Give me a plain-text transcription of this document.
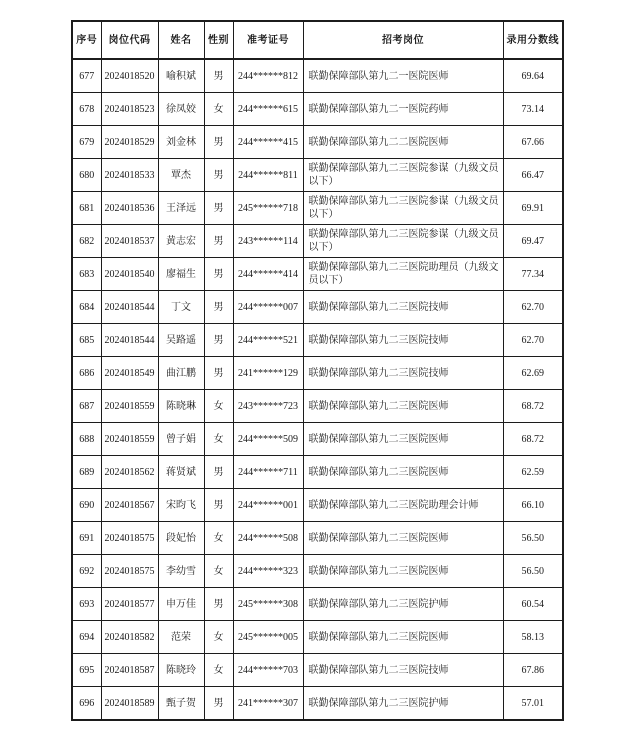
序号	岗位代码	姓名	性别	准考证号	招考岗位	录用分数线
677	2024018520	喻积斌	男	244******812	联勤保障部队第九二一医院医师	69.64
678	2024018523	徐凤姣	女	244******615	联勤保障部队第九二一医院药师	73.14
679	2024018529	刘金林	男	244******415	联勤保障部队第九二二医院医师	67.66
680	2024018533	覃杰	男	244******811	联勤保障部队第九二三医院参谋（九级文员以下）	66.47
681	2024018536	王泽远	男	245******718	联勤保障部队第九二三医院参谋（九级文员以下）	69.91
682	2024018537	黄志宏	男	243******114	联勤保障部队第九二三医院参谋（九级文员以下）	69.47
683	2024018540	廖福生	男	244******414	联勤保障部队第九二三医院助理员（九级文员以下）	77.34
684	2024018544	丁文	男	244******007	联勤保障部队第九二三医院技师	62.70
685	2024018544	吴路遥	男	244******521	联勤保障部队第九二三医院技师	62.70
686	2024018549	曲江鹏	男	241******129	联勤保障部队第九二三医院技师	62.69
687	2024018559	陈晓琳	女	243******723	联勤保障部队第九二三医院医师	68.72
688	2024018559	曾子娟	女	244******509	联勤保障部队第九二三医院医师	68.72
689	2024018562	蒋贤斌	男	244******711	联勤保障部队第九二三医院医师	62.59
690	2024018567	宋昀飞	男	244******001	联勤保障部队第九二三医院助理会计师	66.10
691	2024018575	段妃怡	女	244******508	联勤保障部队第九二三医院医师	56.50
692	2024018575	李幼雪	女	244******323	联勤保障部队第九二三医院医师	56.50
693	2024018577	申万佳	男	245******308	联勤保障部队第九二三医院护师	60.54
694	2024018582	范荣	女	245******005	联勤保障部队第九二三医院医师	58.13
695	2024018587	陈晓玲	女	244******703	联勤保障部队第九二三医院技师	67.86
696	2024018589	甄子贺	男	241******307	联勤保障部队第九二三医院护师	57.01
